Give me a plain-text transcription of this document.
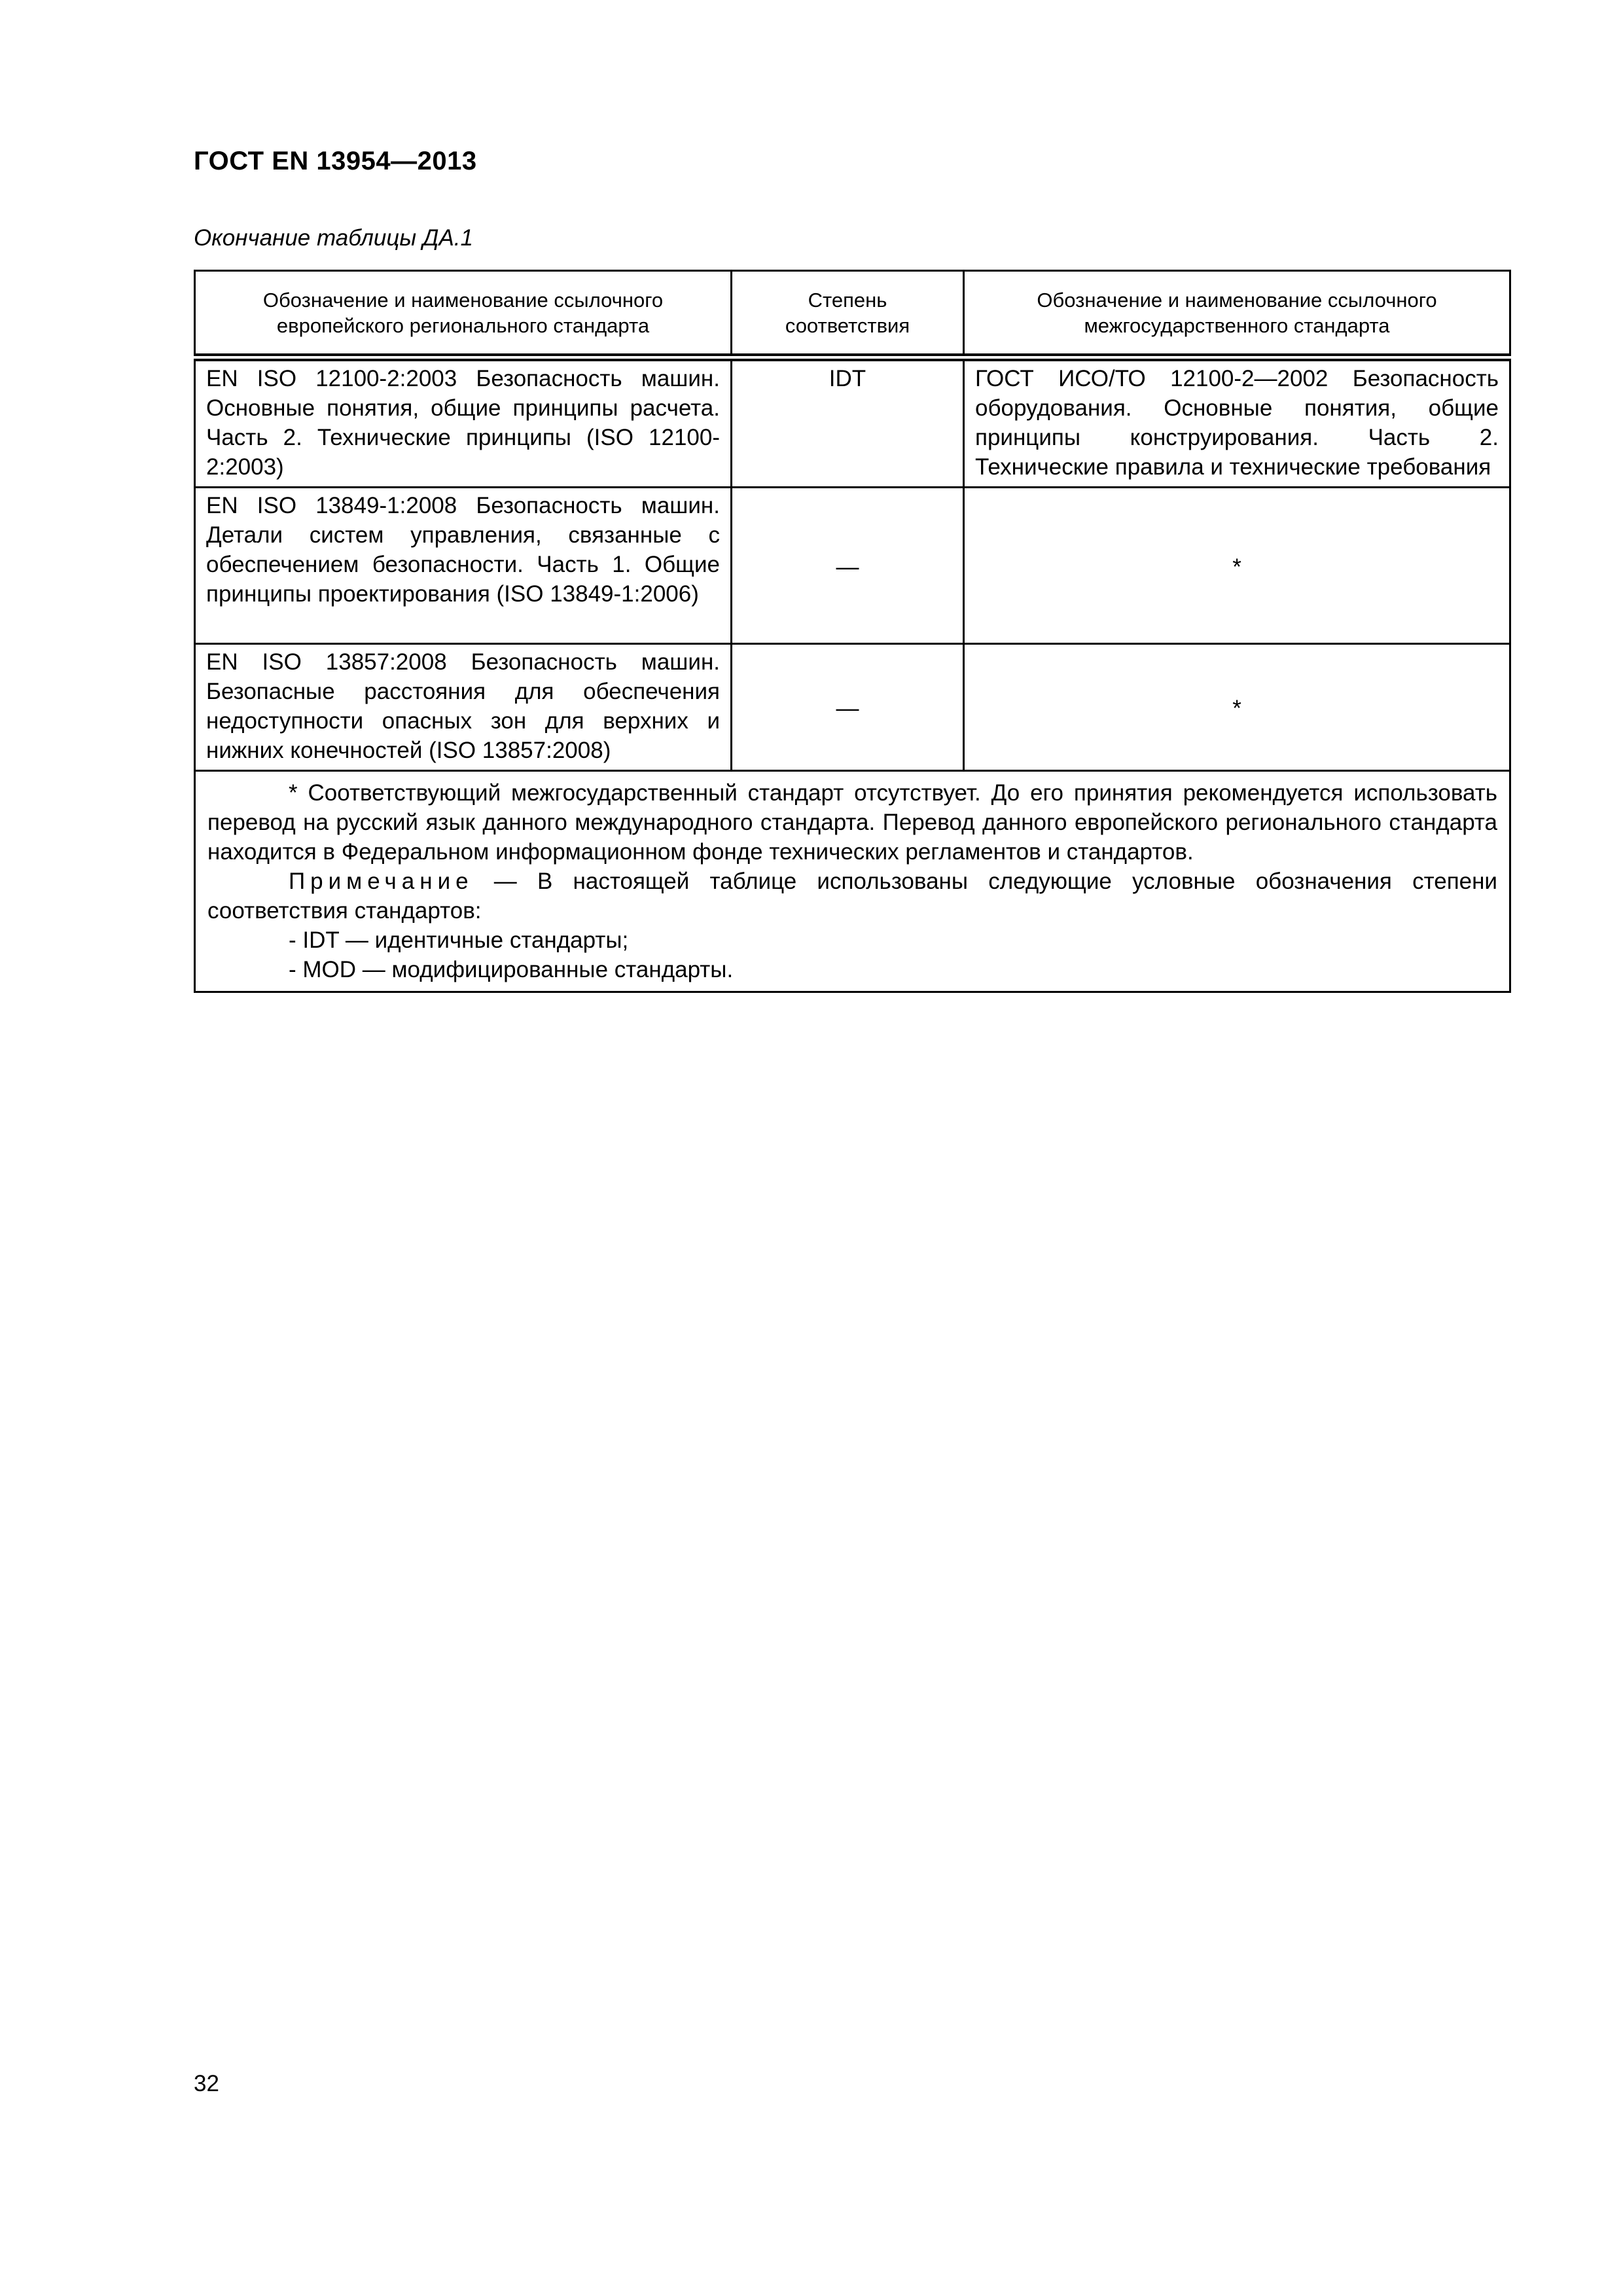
ГОСТ EN 13954—2013
Окончание таблицы ДА.1
Обозначение и наименование ссылочного европейского регионального стандарта	Степень соответствия	Обозначение и наименование ссылочного межгосударственного стандарта
EN ISO 12100-2:2003 Безопасность машин. Основные понятия, общие принципы расчета. Часть 2. Технические принципы (ISO 12100-2:2003)	IDT	ГОСТ ИСО/ТО 12100-2—2002 Безопасность оборудования. Основные понятия, общие принципы конструирования. Часть 2. Технические правила и технические требования
EN ISO 13849-1:2008 Безопасность машин. Детали систем управления, связанные с обеспечением безопасности. Часть 1. Общие принципы проектирования (ISO 13849-1:2006)	—	*
EN ISO 13857:2008 Безопасность машин. Безопасные расстояния для обеспечения недоступности опасных зон для верхних и нижних конечностей (ISO 13857:2008)	—	*

* Соответствующий межгосударственный стандарт отсутствует. До его принятия рекомендуется использовать перевод на русский язык данного международного стандарта. Перевод данного европейского регионального стандарта находится в Федеральном информационном фонде технических регламентов и стандартов.

Примечание — В настоящей таблице использованы следующие условные обозначения степени соответствия стандартов:

- IDT — идентичные стандарты;

- MOD — модифицированные стандарты.		

32
